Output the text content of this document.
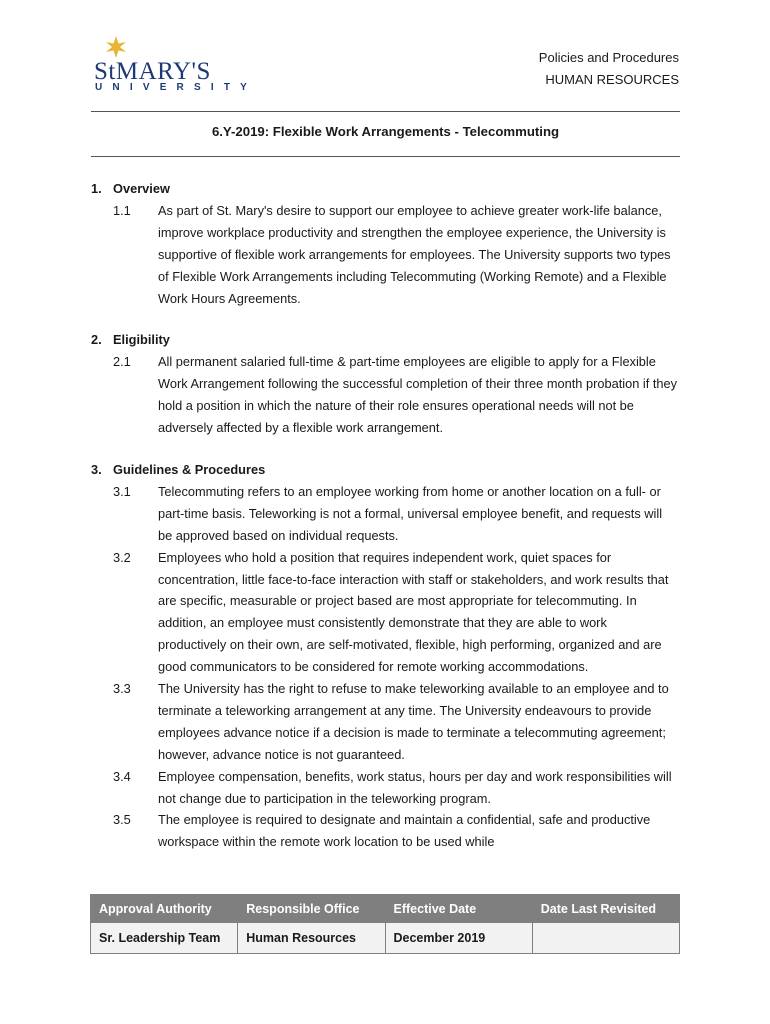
StMARY'S
UNIVERSITY
Policies and Procedures
HUMAN RESOURCES
6.Y-2019: Flexible Work Arrangements - Telecommuting
1. Overview
1.1	As part of St. Mary's desire to support our employee to achieve greater work-life balance, improve workplace productivity and strengthen the employee experience, the University is supportive of flexible work arrangements for employees. The University supports two types of Flexible Work Arrangements including Telecommuting (Working Remote) and a Flexible Work Hours Agreements.
2. Eligibility
2.1	All permanent salaried full-time & part-time employees are eligible to apply for a Flexible Work Arrangement following the successful completion of their three month probation if they hold a position in which the nature of their role ensures operational needs will not be adversely affected by a flexible work arrangement.
3. Guidelines & Procedures
3.1	Telecommuting refers to an employee working from home or another location on a full- or part-time basis. Teleworking is not a formal, universal employee benefit, and requests will be approved based on individual requests.
3.2	Employees who hold a position that requires independent work, quiet spaces for concentration, little face-to-face interaction with staff or stakeholders, and work results that are specific, measurable or project based are most appropriate for telecommuting. In addition, an employee must consistently demonstrate that they are able to work productively on their own, are self-motivated, flexible, high performing, organized and are good communicators to be considered for remote working accommodations.
3.3	The University has the right to refuse to make teleworking available to an employee and to terminate a teleworking arrangement at any time. The University endeavours to provide employees advance notice if a decision is made to terminate a telecommuting agreement; however, advance notice is not guaranteed.
3.4	Employee compensation, benefits, work status, hours per day and work responsibilities will not change due to participation in the teleworking program.
3.5	The employee is required to designate and maintain a confidential, safe and productive workspace within the remote work location to be used while
Approval Authority	Responsible Office	Effective Date	Date Last Revisited
Sr. Leadership Team	Human Resources	December 2019	
